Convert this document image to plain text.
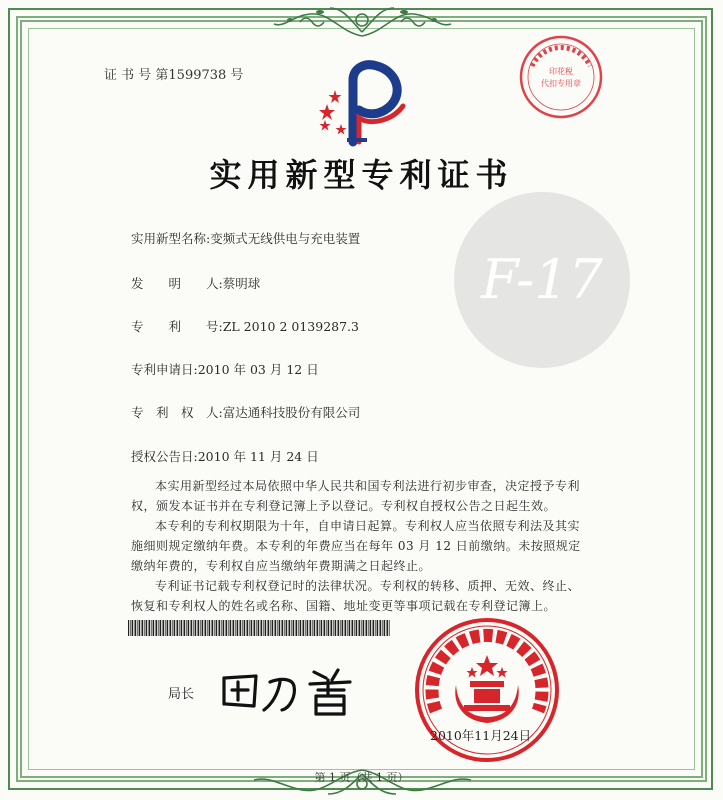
证 书 号 第1599738 号	印花税
代扣专用章
实用新型专利证书
F-17
实用新型名称:变频式无线供电与充电装置
发　　明　　人:蔡明球
专　　利　　号:ZL 2010 2 0139287.3
专利申请日:2010 年 03 月 12 日
专　利　权　人:富达通科技股份有限公司
授权公告日:2010 年 11 月 24 日
本实用新型经过本局依照中华人民共和国专利法进行初步审查，决定授予专利权，颁发本证书并在专利登记簿上予以登记。专利权自授权公告之日起生效。
本专利的专利权期限为十年，自申请日起算。专利权人应当依照专利法及其实施细则规定缴纳年费。本专利的年费应当在每年 03 月 12 日前缴纳。未按照规定缴纳年费的，专利权自应当缴纳年费期满之日起终止。
专利证书记载专利权登记时的法律状况。专利权的转移、质押、无效、终止、恢复和专利权人的姓名或名称、国籍、地址变更等事项记载在专利登记簿上。
局长
2010年11月24日
第 1 页（共 1 页）
